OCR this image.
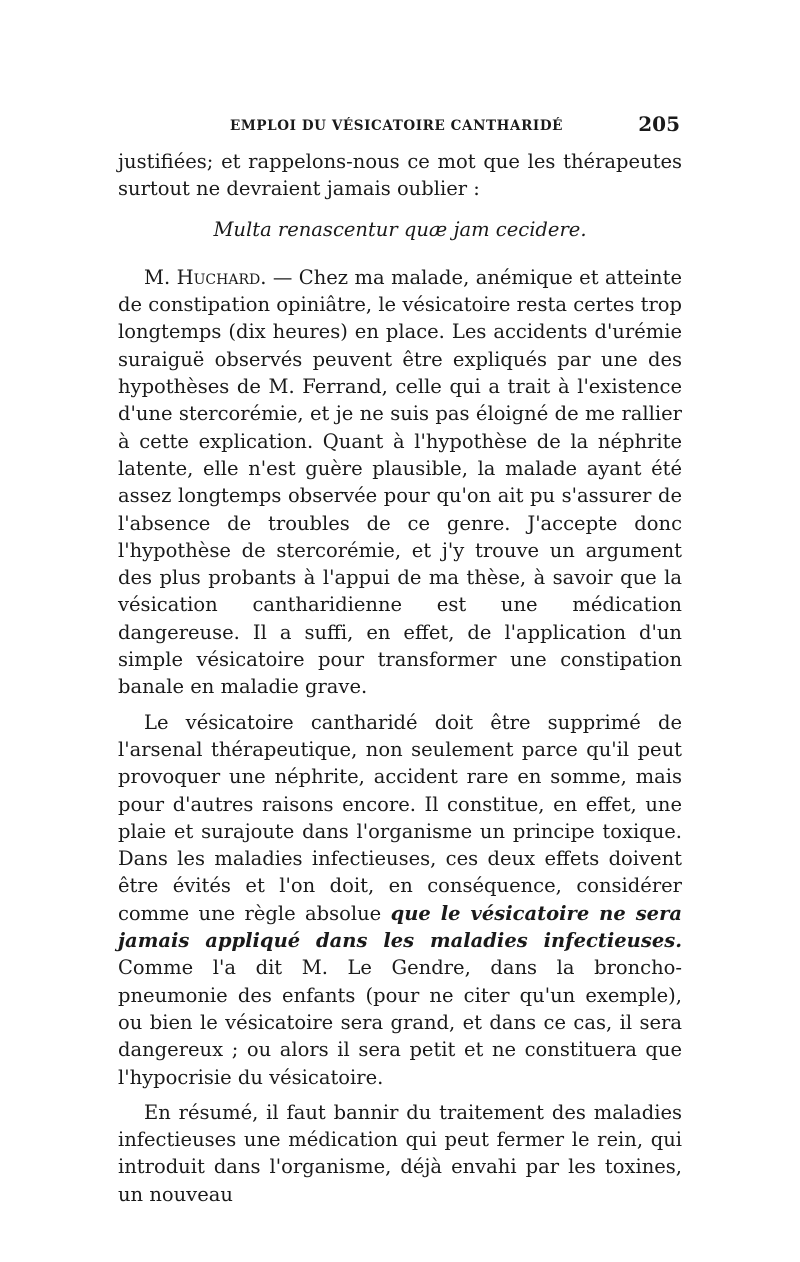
EMPLOI DU VÉSICATOIRE CANTHARIDÉ	205

justifiées; et rappelons-nous ce mot que les thérapeutes surtout ne devraient jamais oublier :

Multa renascentur quæ jam cecidere.

M. Huchard. — Chez ma malade, anémique et atteinte de constipation opiniâtre, le vésicatoire resta certes trop longtemps (dix heures) en place. Les accidents d'urémie suraiguë observés peuvent être expliqués par une des hypothèses de M. Ferrand, celle qui a trait à l'existence d'une stercorémie, et je ne suis pas éloigné de me rallier à cette explication. Quant à l'hypothèse de la néphrite latente, elle n'est guère plausible, la malade ayant été assez longtemps observée pour qu'on ait pu s'assurer de l'absence de troubles de ce genre. J'accepte donc l'hypothèse de stercorémie, et j'y trouve un argument des plus probants à l'appui de ma thèse, à savoir que la vésication cantharidienne est une médication dangereuse. Il a suffi, en effet, de l'application d'un simple vésicatoire pour transformer une constipation banale en maladie grave.

Le vésicatoire cantharidé doit être supprimé de l'arsenal thérapeutique, non seulement parce qu'il peut provoquer une néphrite, accident rare en somme, mais pour d'autres raisons encore. Il constitue, en effet, une plaie et surajoute dans l'organisme un principe toxique. Dans les maladies infectieuses, ces deux effets doivent être évités et l'on doit, en conséquence, considérer comme une règle absolue que le vésicatoire ne sera jamais appliqué dans les maladies infectieuses. Comme l'a dit M. Le Gendre, dans la broncho-pneumonie des enfants (pour ne citer qu'un exemple), ou bien le vésicatoire sera grand, et dans ce cas, il sera dangereux ; ou alors il sera petit et ne constituera que l'hypocrisie du vésicatoire.

En résumé, il faut bannir du traitement des maladies infectieuses une médication qui peut fermer le rein, qui introduit dans l'organisme, déjà envahi par les toxines, un nouveau
